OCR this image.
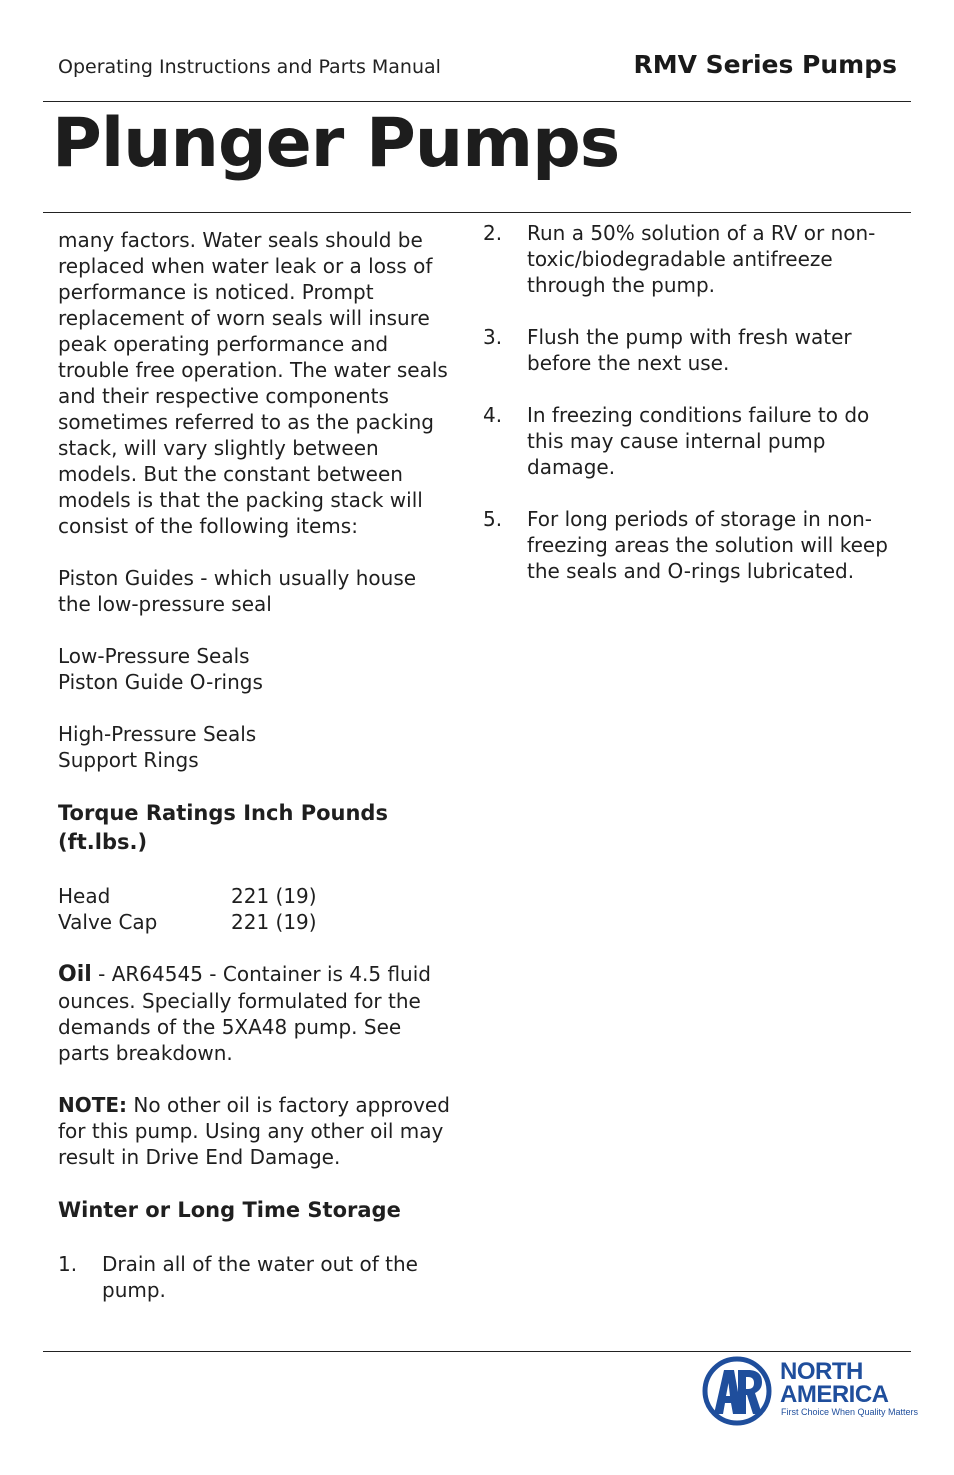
Operating Instructions and Parts Manual	RMV Series Pumps
Plunger Pumps

many factors. Water seals should be replaced when water leak or a loss of performance is noticed. Prompt replacement of worn seals will insure peak operating performance and trouble free operation. The water seals and their respective components sometimes referred to as the packing stack, will vary slightly between models. But the constant between models is that the packing stack will consist of the following items:

Piston Guides - which usually house
the low-pressure seal
Low-Pressure Seals
Piston Guide O-rings
High-Pressure Seals
Support Rings
Torque Ratings Inch Pounds
(ft.lbs.)
Head	221 (19)
Valve Cap	221 (19)

Oil - AR64545 - Container is 4.5 fluid ounces. Specially formulated for the demands of the 5XA48 pump. See parts breakdown.

NOTE: No other oil is factory approved for this pump. Using any other oil may result in Drive End Damage.

Winter or Long Time Storage
1.	Drain all of the water out of the pump.
2.	Run a 50% solution of a RV or non-toxic/biodegradable antifreeze through the pump.
3.	Flush the pump with fresh water before the next use.
4.	In freezing conditions failure to do this may cause internal pump damage.
5.	For long periods of storage in non-freezing areas the solution will keep the seals and O-rings lubricated.
NORTH
AMERICA
First Choice When Quality Matters
